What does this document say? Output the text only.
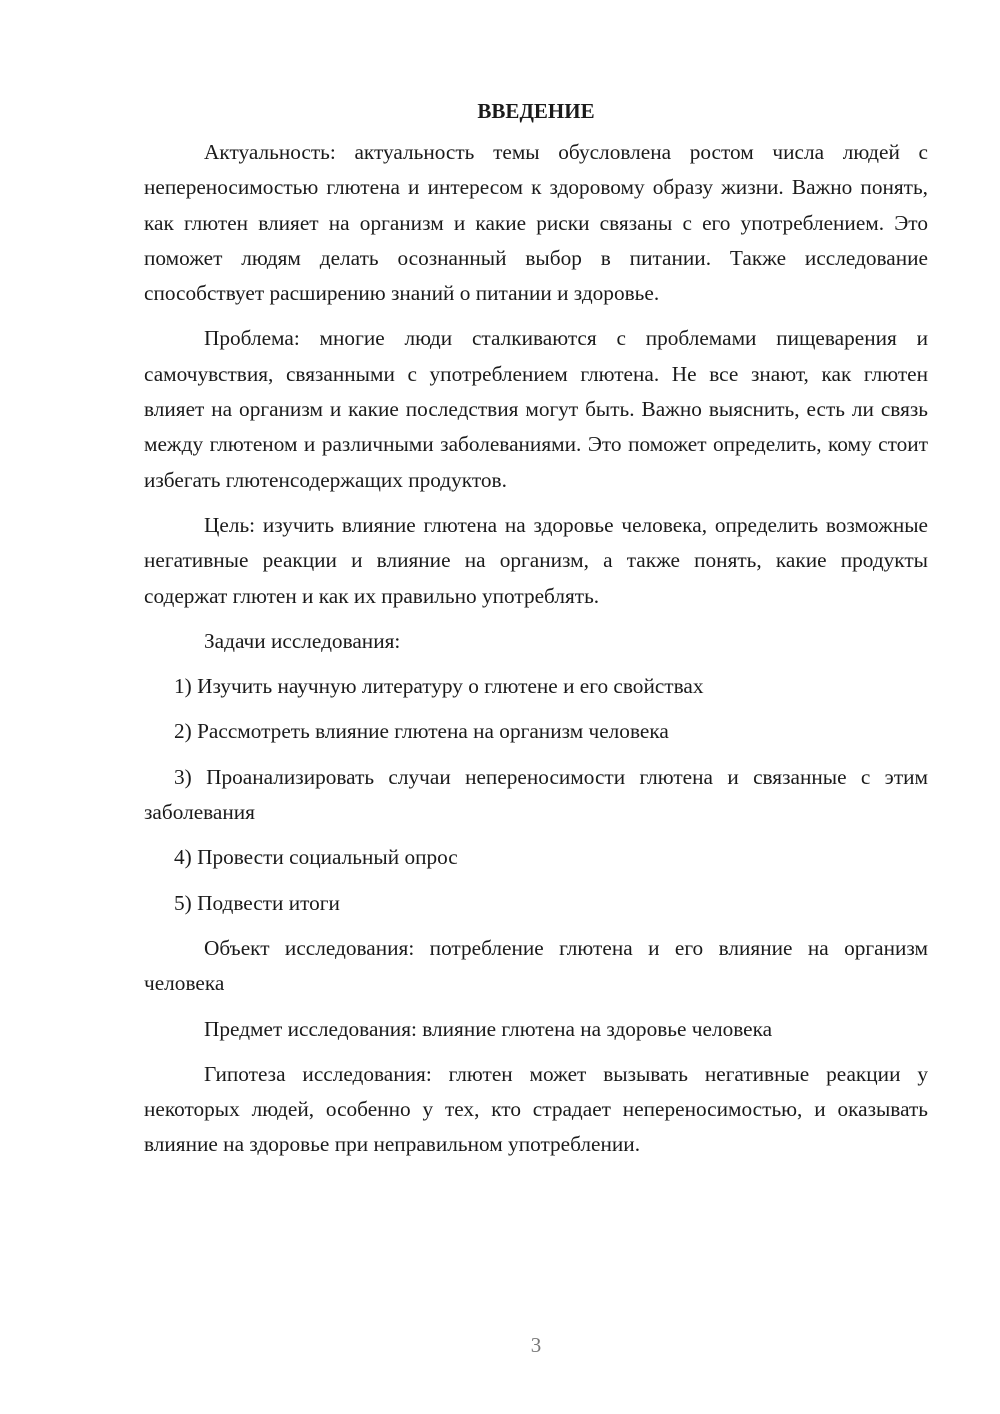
ВВЕДЕНИЕ

Актуальность: актуальность темы обусловлена ростом числа людей с непереносимостью глютена и интересом к здоровому образу жизни. Важно понять, как глютен влияет на организм и какие риски связаны с его употреблением. Это поможет людям делать осознанный выбор в питании. Также исследование способствует расширению знаний о питании и здоровье.

Проблема: многие люди сталкиваются с проблемами пищеварения и самочувствия, связанными с употреблением глютена. Не все знают, как глютен влияет на организм и какие последствия могут быть. Важно выяснить, есть ли связь между глютеном и различными заболеваниями. Это поможет определить, кому стоит избегать глютенсодержащих продуктов.

Цель: изучить влияние глютена на здоровье человека, определить возможные негативные реакции и влияние на организм, а также понять, какие продукты содержат глютен и как их правильно употреблять.

Задачи исследования:

1) Изучить научную литературу о глютене и его свойствах

2) Рассмотреть влияние глютена на организм человека

3) Проанализировать случаи непереносимости глютена и связанные с этим заболевания

4) Провести социальный опрос

5) Подвести итоги

Объект исследования: потребление глютена и его влияние на организм человека

Предмет исследования: влияние глютена на здоровье человека

Гипотеза исследования: глютен может вызывать негативные реакции у некоторых людей, особенно у тех, кто страдает непереносимостью, и оказывать влияние на здоровье при неправильном употреблении.

3
